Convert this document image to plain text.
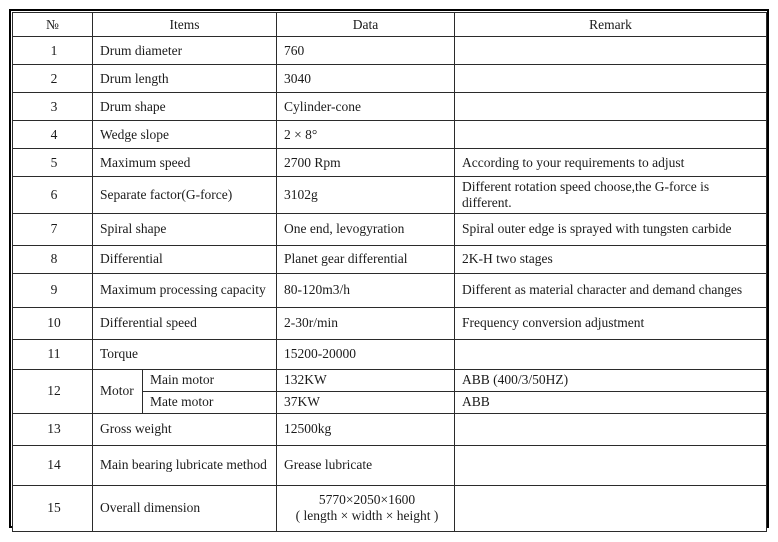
№	Items		Data	Remark
1	Drum diameter		760	
2	Drum length		3040	
3	Drum shape		Cylinder-cone	
4	Wedge slope		2 × 8°	
5	Maximum speed		2700 Rpm	According to your requirements to adjust
6	Separate factor(G-force)		3102g	Different rotation speed choose,the G-force is different.
7	Spiral shape		One end, levogyration	Spiral outer edge is sprayed with tungsten carbide
8	Differential		Planet gear differential	2K-H two stages
9	Maximum processing capacity		80-120m3/h	Different as material character and demand changes
10	Differential speed		2-30r/min	Frequency conversion adjustment
11	Torque		15200-20000	
12	Motor	Main motor	132KW	ABB (400/3/50HZ)
		Mate motor	37KW	ABB
13	Gross weight		12500kg	
14	Main bearing lubricate method		Grease lubricate	
15	Overall dimension		5770×2050×1600
( length × width × height )	
